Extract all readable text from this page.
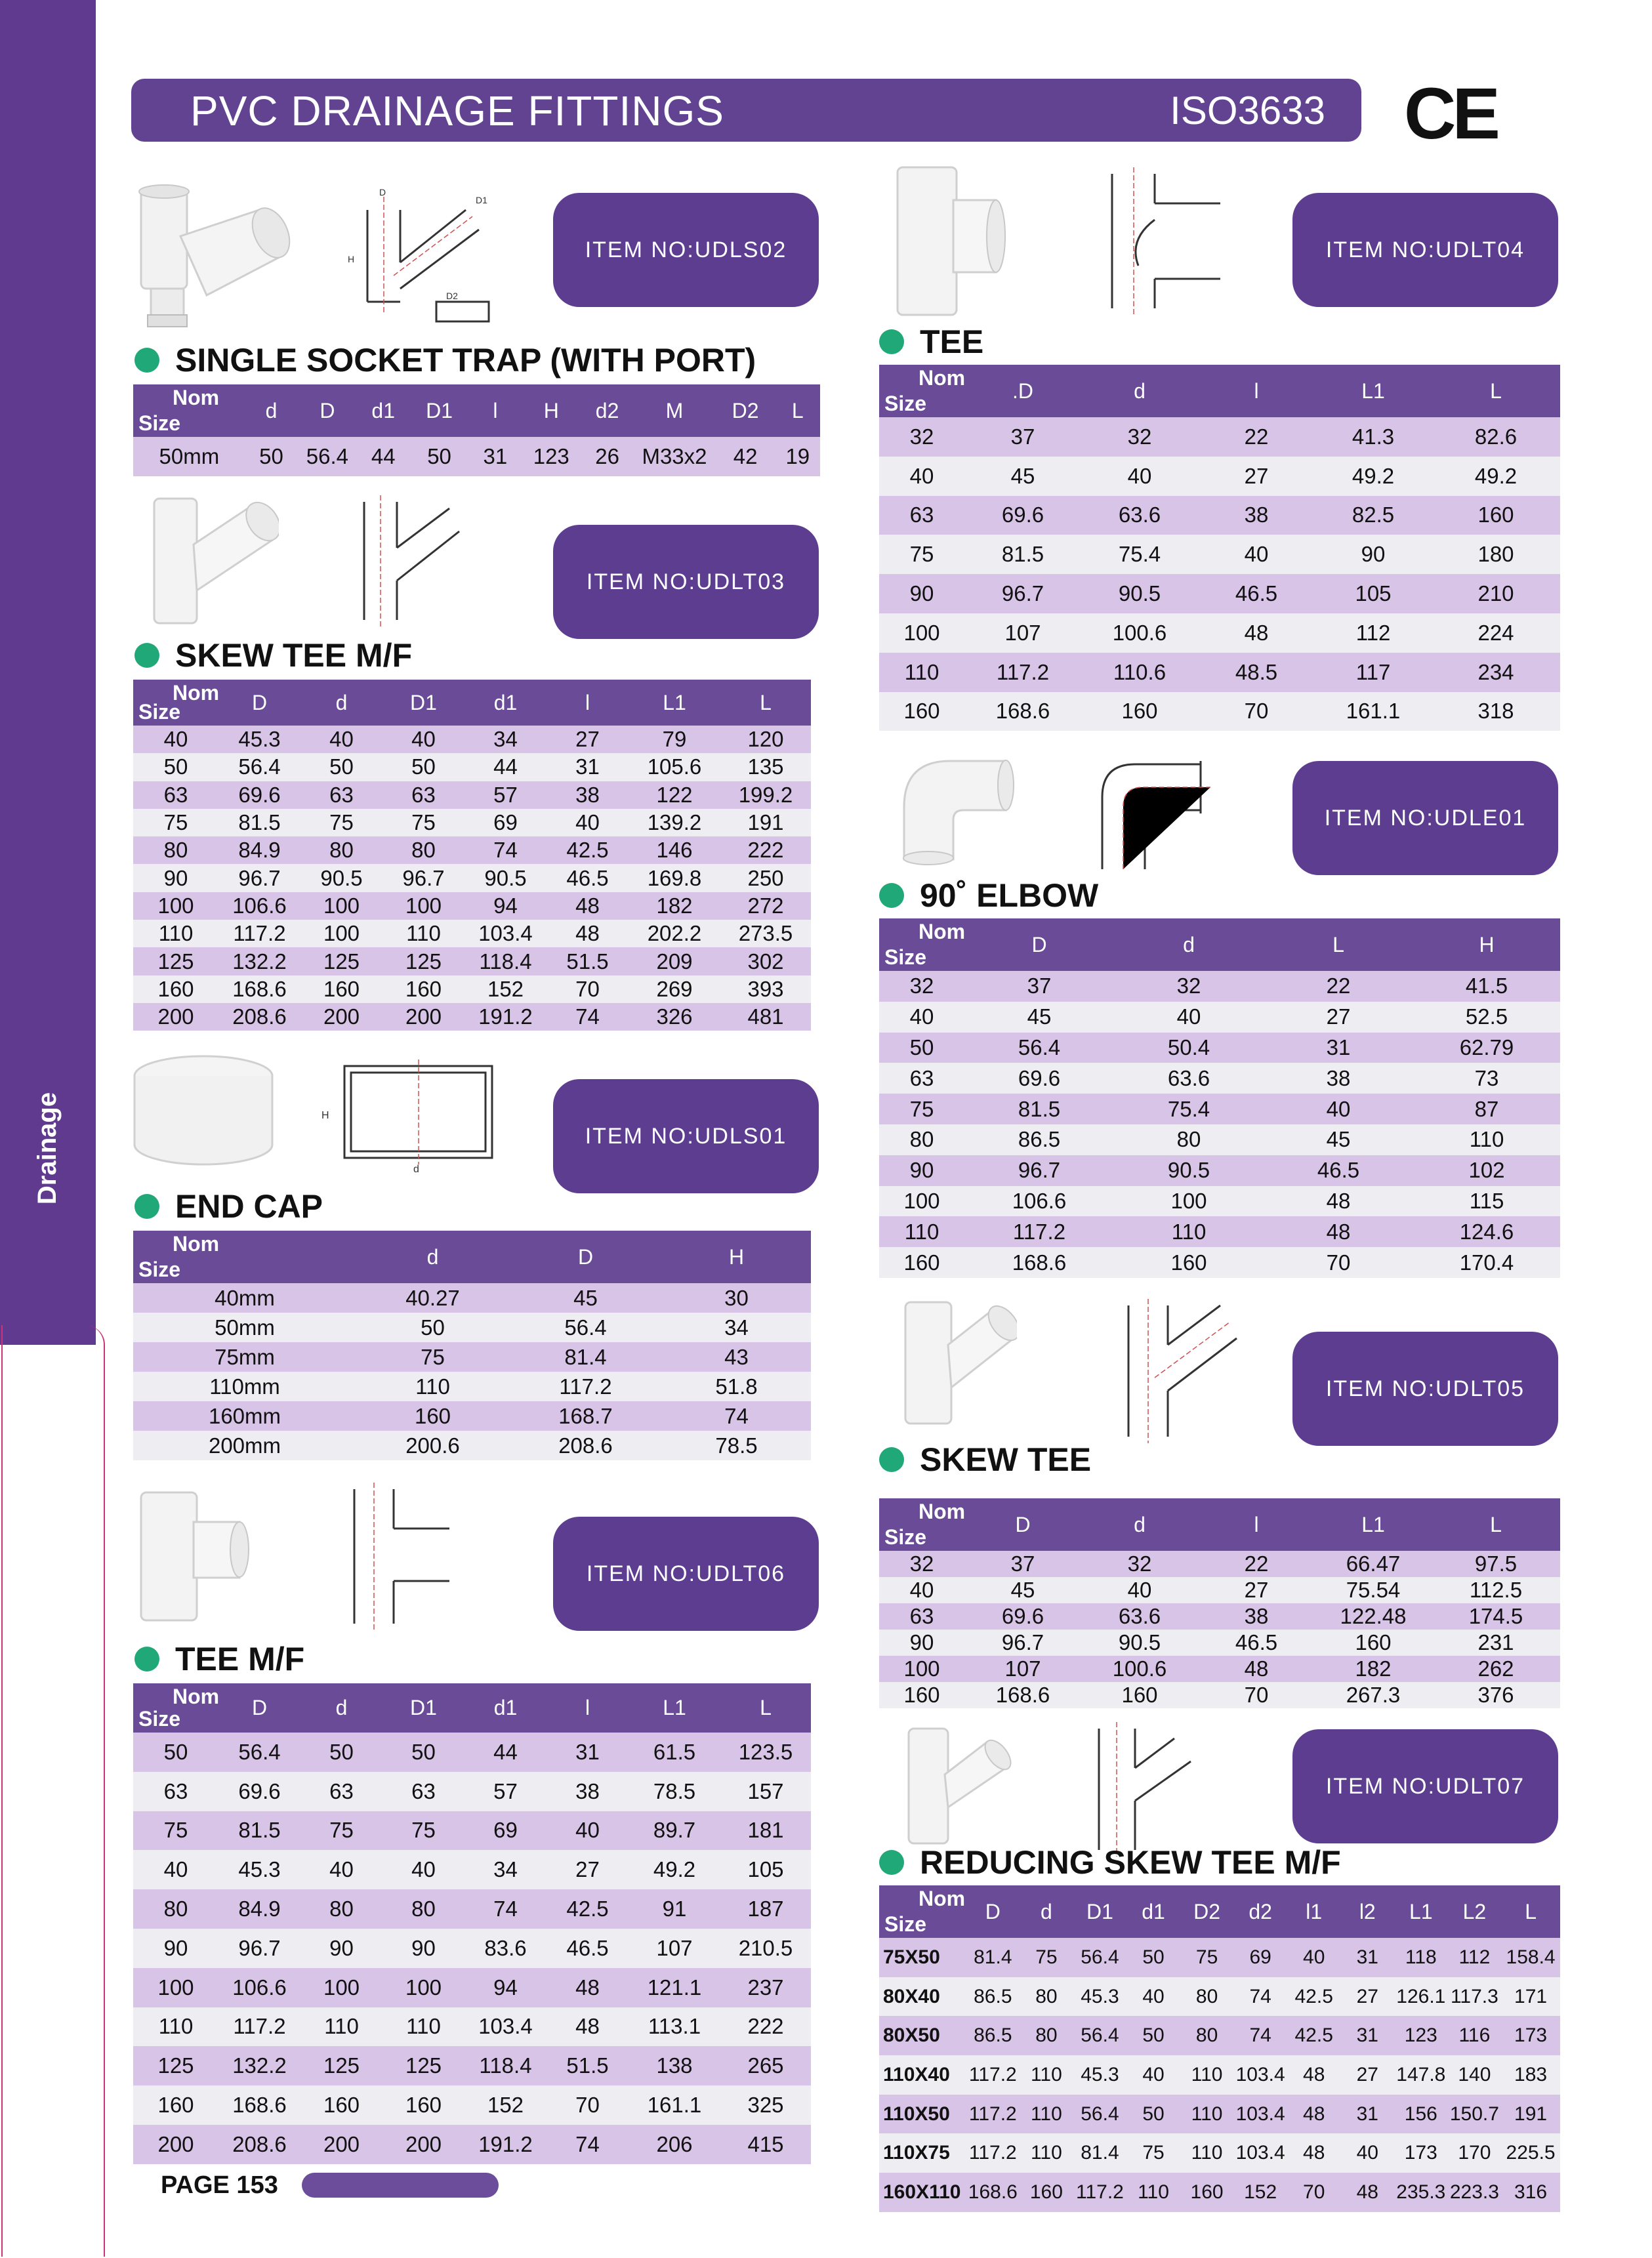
Drainage
PVC DRAINAGE FITTINGS	ISO3633 CE
D
H
D2
D1
ITEM NO:UDLS02
SINGLE SOCKET TRAP (WITH PORT)
Nom
Size	d	D	d1	D1	l	H	d2	M	D2	L
50mm	50	56.4	44	50	31	123	26	M33x2	42	19
ITEM NO:UDLT03
SKEW TEE M/F
Nom
Size	D	d	D1	d1	l	L1	L
40	45.3	40	40	34	27	79	120
50	56.4	50	50	44	31	105.6	135
63	69.6	63	63	57	38	122	199.2
75	81.5	75	75	69	40	139.2	191
80	84.9	80	80	74	42.5	146	222
90	96.7	90.5	96.7	90.5	46.5	169.8	250
100	106.6	100	100	94	48	182	272
110	117.2	100	110	103.4	48	202.2	273.5
125	132.2	125	125	118.4	51.5	209	302
160	168.6	160	160	152	70	269	393
200	208.6	200	200	191.2	74	326	481
H
d
ITEM NO:UDLS01
END CAP
Nom
Size	d	D	H
40mm	40.27	45	30
50mm	50	56.4	34
75mm	75	81.4	43
110mm	110	117.2	51.8
160mm	160	168.7	74
200mm	200.6	208.6	78.5
ITEM NO:UDLT06
TEE M/F
Nom
Size	D	d	D1	d1	l	L1	L
50	56.4	50	50	44	31	61.5	123.5
63	69.6	63	63	57	38	78.5	157
75	81.5	75	75	69	40	89.7	181
40	45.3	40	40	34	27	49.2	105
80	84.9	80	80	74	42.5	91	187
90	96.7	90	90	83.6	46.5	107	210.5
100	106.6	100	100	94	48	121.1	237
110	117.2	110	110	103.4	48	113.1	222
125	132.2	125	125	118.4	51.5	138	265
160	168.6	160	160	152	70	161.1	325
200	208.6	200	200	191.2	74	206	415
ITEM NO:UDLT04
TEE
Nom
Size	.D	d	l	L1	L
32	37	32	22	41.3	82.6
40	45	40	27	49.2	49.2
63	69.6	63.6	38	82.5	160
75	81.5	75.4	40	90	180
90	96.7	90.5	46.5	105	210
100	107	100.6	48	112	224
110	117.2	110.6	48.5	117	234
160	168.6	160	70	161.1	318
ITEM NO:UDLE01
90˚ ELBOW
Nom
Size	D	d	L	H
32	37	32	22	41.5
40	45	40	27	52.5
50	56.4	50.4	31	62.79
63	69.6	63.6	38	73
75	81.5	75.4	40	87
80	86.5	80	45	110
90	96.7	90.5	46.5	102
100	106.6	100	48	115
110	117.2	110	48	124.6
160	168.6	160	70	170.4
ITEM NO:UDLT05
SKEW TEE
Nom
Size	D	d	l	L1	L
32	37	32	22	66.47	97.5
40	45	40	27	75.54	112.5
63	69.6	63.6	38	122.48	174.5
90	96.7	90.5	46.5	160	231
100	107	100.6	48	182	262
160	168.6	160	70	267.3	376
ITEM NO:UDLT07
REDUCING SKEW TEE M/F
Nom
Size	D	d	D1	d1	D2	d2	l1	l2	L1	L2	L
75X50	81.4	75	56.4	50	75	69	40	31	118	112	158.4
80X40	86.5	80	45.3	40	80	74	42.5	27	126.1	117.3	171
80X50	86.5	80	56.4	50	80	74	42.5	31	123	116	173
110X40	117.2	110	45.3	40	110	103.4	48	27	147.8	140	183
110X50	117.2	110	56.4	50	110	103.4	48	31	156	150.7	191
110X75	117.2	110	81.4	75	110	103.4	48	40	173	170	225.5
160X110	168.6	160	117.2	110	160	152	70	48	235.3	223.3	316
PAGE 153
